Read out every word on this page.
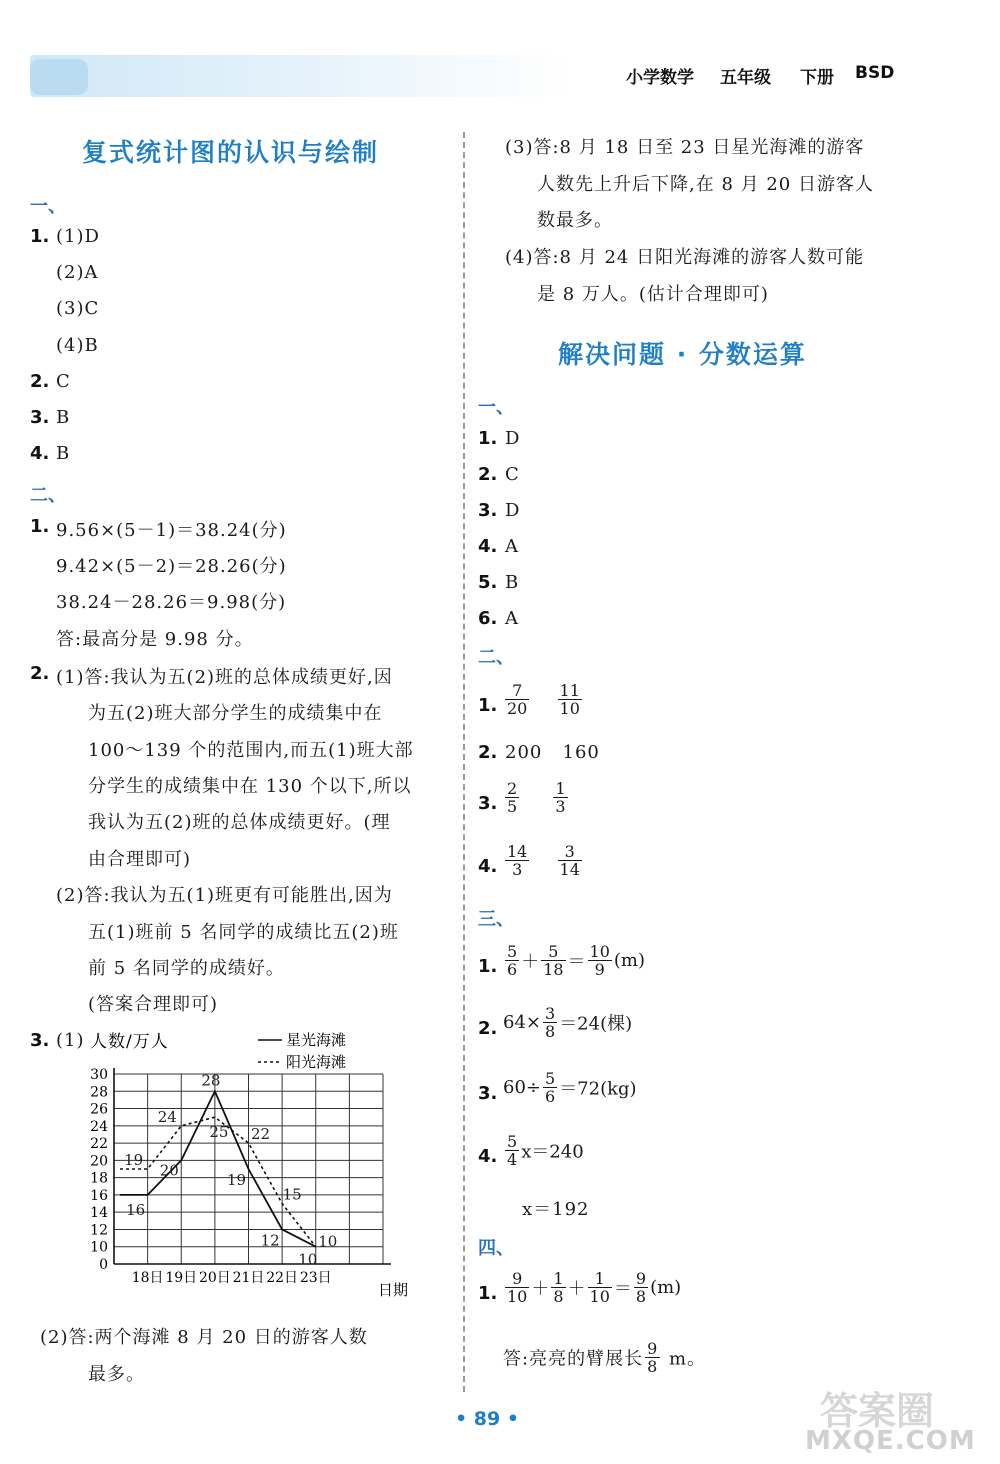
小学数学 五年级 下册 BSD
复式统计图的认识与绘制
一、
1. (1)D
(2)A
(3)C
(4)B
2. C
3. B
4. B
二、
1. 9.56×(5－1)＝38.24(分)
9.42×(5－2)＝28.26(分)
38.24－28.26＝9.98(分)
答:最高分是 9.98 分。
2. (1)答:我认为五(2)班的总体成绩更好,因
为五(2)班大部分学生的成绩集中在
100～139 个的范围内,而五(1)班大部
分学生的成绩集中在 130 个以下,所以
我认为五(2)班的总体成绩更好。(理
由合理即可)
(2)答:我认为五(1)班更有可能胜出,因为
五(1)班前 5 名同学的成绩比五(2)班
前 5 名同学的成绩好。
(答案合理即可)
3. (1)
0
10
12
14
16
18
20
22
24
26
28
30
18日 19日 20日 21日 22日 23日
16
20
28
19
12
10
19
24
25 22
15
10
星光海滩
阳光海滩
人数/万人
日期
(2)答:两个海滩 8 月 20 日的游客人数
最多。
(3)答:8 月 18 日至 23 日星光海滩的游客
人数先上升后下降,在 8 月 20 日游客人
数最多。
(4)答:8 月 24 日阳光海滩的游客人数可能
是 8 万人。(估计合理即可)
解决问题 · 分数运算
一、
1. D
2. C
3. D
4. A
5. B
6. A
二、
1. $\frac{7}{20}$
$\frac{11}{10}$
2. 200   160
3. $\frac{2}{5}$
$\frac{1}{3}$
4. $\frac{14}{3}$
$\frac{3}{14}$
三、
1. $\frac{5}{6} + \frac{5}{18} = \frac{10}{9} (m)$
2. $64\times \frac{3}{8} =24$(棵)
3. $60\div \frac{5}{6} =72(kg)$
4. $\frac{5}{4} x=240$
x＝192
四、
1. $\frac{9}{10} + \frac{1}{8} + \frac{1}{10} = \frac{9}{8} (m)$
答:亮亮的臂展长 $\frac{9}{8}$ m。
• 89 •	答案圈
MXQE.COM
